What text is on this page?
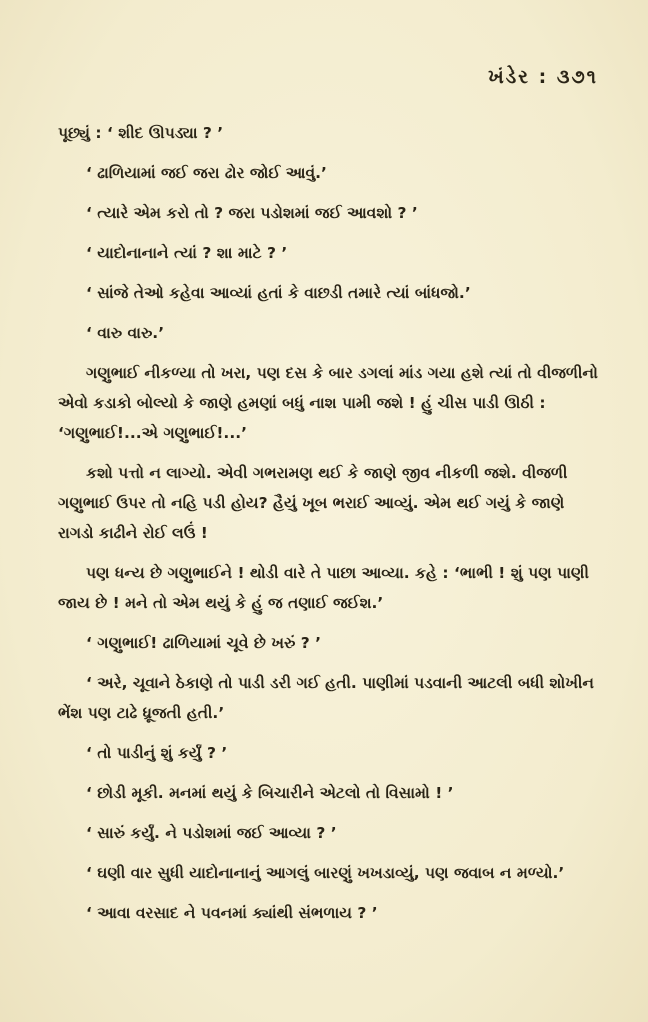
ખંડેર : ૩૭૧

પૂછ્યું : ‘ શીદ ઊપડ્યા ? ’

‘ ઢાળિયામાં જઈ જરા ઢોર જોઈ આવું.’

‘ ત્યારે એમ કરો તો ? જરા પડોશમાં જઈ આવશો ? ’

‘ યાદોનાનાને ત્યાં ? શા માટે ? ’

‘ સાંજે તેઓ કહેવા આવ્યાં હતાં કે વાછડી તમારે ત્યાં બાંધજો.’

‘ વારુ વારુ.’

ગણુભાઈ નીકળ્યા તો ખરા, પણ દસ કે બાર ડગલાં માંડ ગયા હશે ત્યાં તો વીજળીનો એવો કડાકો બોલ્યો કે જાણે હમણાં બધું નાશ પામી જશે ! હું ચીસ પાડી ઊઠી : ‘ગણુભાઈ!...એ ગણુભાઈ!...’

કશો પત્તો ન લાગ્યો. એવી ગભરામણ થઈ કે જાણે જીવ નીકળી જશે. વીજળી ગણુભાઈ ઉપર તો નહિ પડી હોય? હૈયું ખૂબ ભરાઈ આવ્યું. એમ થઈ ગયું કે જાણે રાગડો કાઢીને રોઈ લઉં !

પણ ધન્ય છે ગણુભાઈને ! થોડી વારે તે પાછા આવ્યા. કહે : ‘ભાભી ! શું પણ પાણી જાય છે ! મને તો એમ થયું કે હું જ તણાઈ જઈશ.’

‘ ગણુભાઈ! ઢાળિયામાં ચૂવે છે ખરું ? ’

‘ અરે, ચૂવાને ઠેકાણે તો પાડી ડરી ગઈ હતી. પાણીમાં પડવાની આટલી બધી શોખીન ભેંશ પણ ટાઢે ધ્રૂજતી હતી.’

‘ તો પાડીનું શું કર્યું ? ’

‘ છોડી મૂકી. મનમાં થયું કે બિચારીને એટલો તો વિસામો ! ’

‘ સારું કર્યું. ને પડોશમાં જઈ આવ્યા ? ’

‘ ઘણી વાર સુધી યાદોનાનાનું આગલું બારણું ખખડાવ્યું, પણ જવાબ ન મળ્યો.’

‘ આવા વરસાદ ને પવનમાં ક્યાંથી સંભળાય ? ’
